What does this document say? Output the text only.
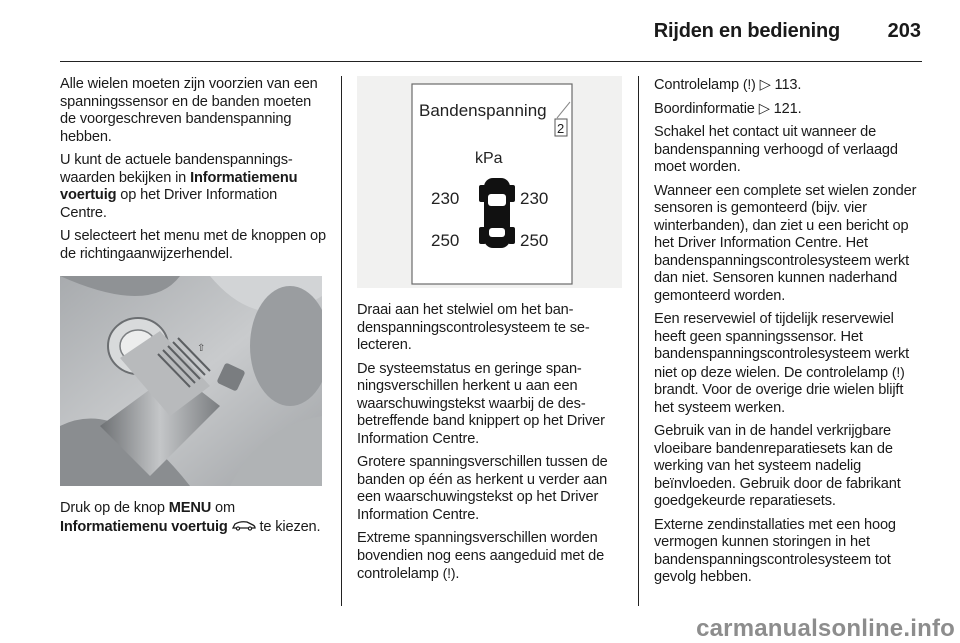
Rijden en bediening	203

Alle wielen moeten zijn voorzien van een spanningssensor en de banden moeten de voorgeschreven bandenspanning hebben.

U kunt de actuele bandenspanningswaarden bekijken in Informatiemenu voertuig op het Driver Information Centre.

U selecteert het menu met de knoppen op de richtingaanwijzerhendel.

Druk op de knop MENU om Informatiemenu voertuig  te kiezen.

⇧
Bandenspanning
2
kPa
230	230
250	250

Draai aan het stelwiel om het bandenspanningscontrolesysteem te selecteren.

De systeemstatus en geringe spanningsverschillen herkent u aan een waarschuwingstekst waarbij de desbetreffende band knippert op het Driver Information Centre.

Grotere spanningsverschillen tussen de banden op één as herkent u verder aan een waarschuwingstekst op het Driver Information Centre.

Extreme spanningsverschillen worden bovendien nog eens aangeduid met de controlelamp (!).

Controlelamp (!) ▷ 113.

Boordinformatie ▷ 121.

Schakel het contact uit wanneer de bandenspanning verhoogd of verlaagd moet worden.

Wanneer een complete set wielen zonder sensoren is gemonteerd (bijv. vier winterbanden), dan ziet u een bericht op het Driver Information Centre. Het bandenspanningscontrolesysteem werkt dan niet. Sensoren kunnen naderhand gemonteerd worden.

Een reservewiel of tijdelijk reservewiel heeft geen spanningssensor. Het bandenspanningscontrolesysteem werkt niet op deze wielen. De controlelamp (!) brandt. Voor de overige drie wielen blijft het systeem werken.

Gebruik van in de handel verkrijgbare vloeibare bandenreparatiesets kan de werking van het systeem nadelig beïnvloeden. Gebruik door de fabrikant goedgekeurde reparatiesets.

Externe zendinstallaties met een hoog vermogen kunnen storingen in het bandenspanningscontrolesysteem tot gevolg hebben.

carmanualsonline.info
